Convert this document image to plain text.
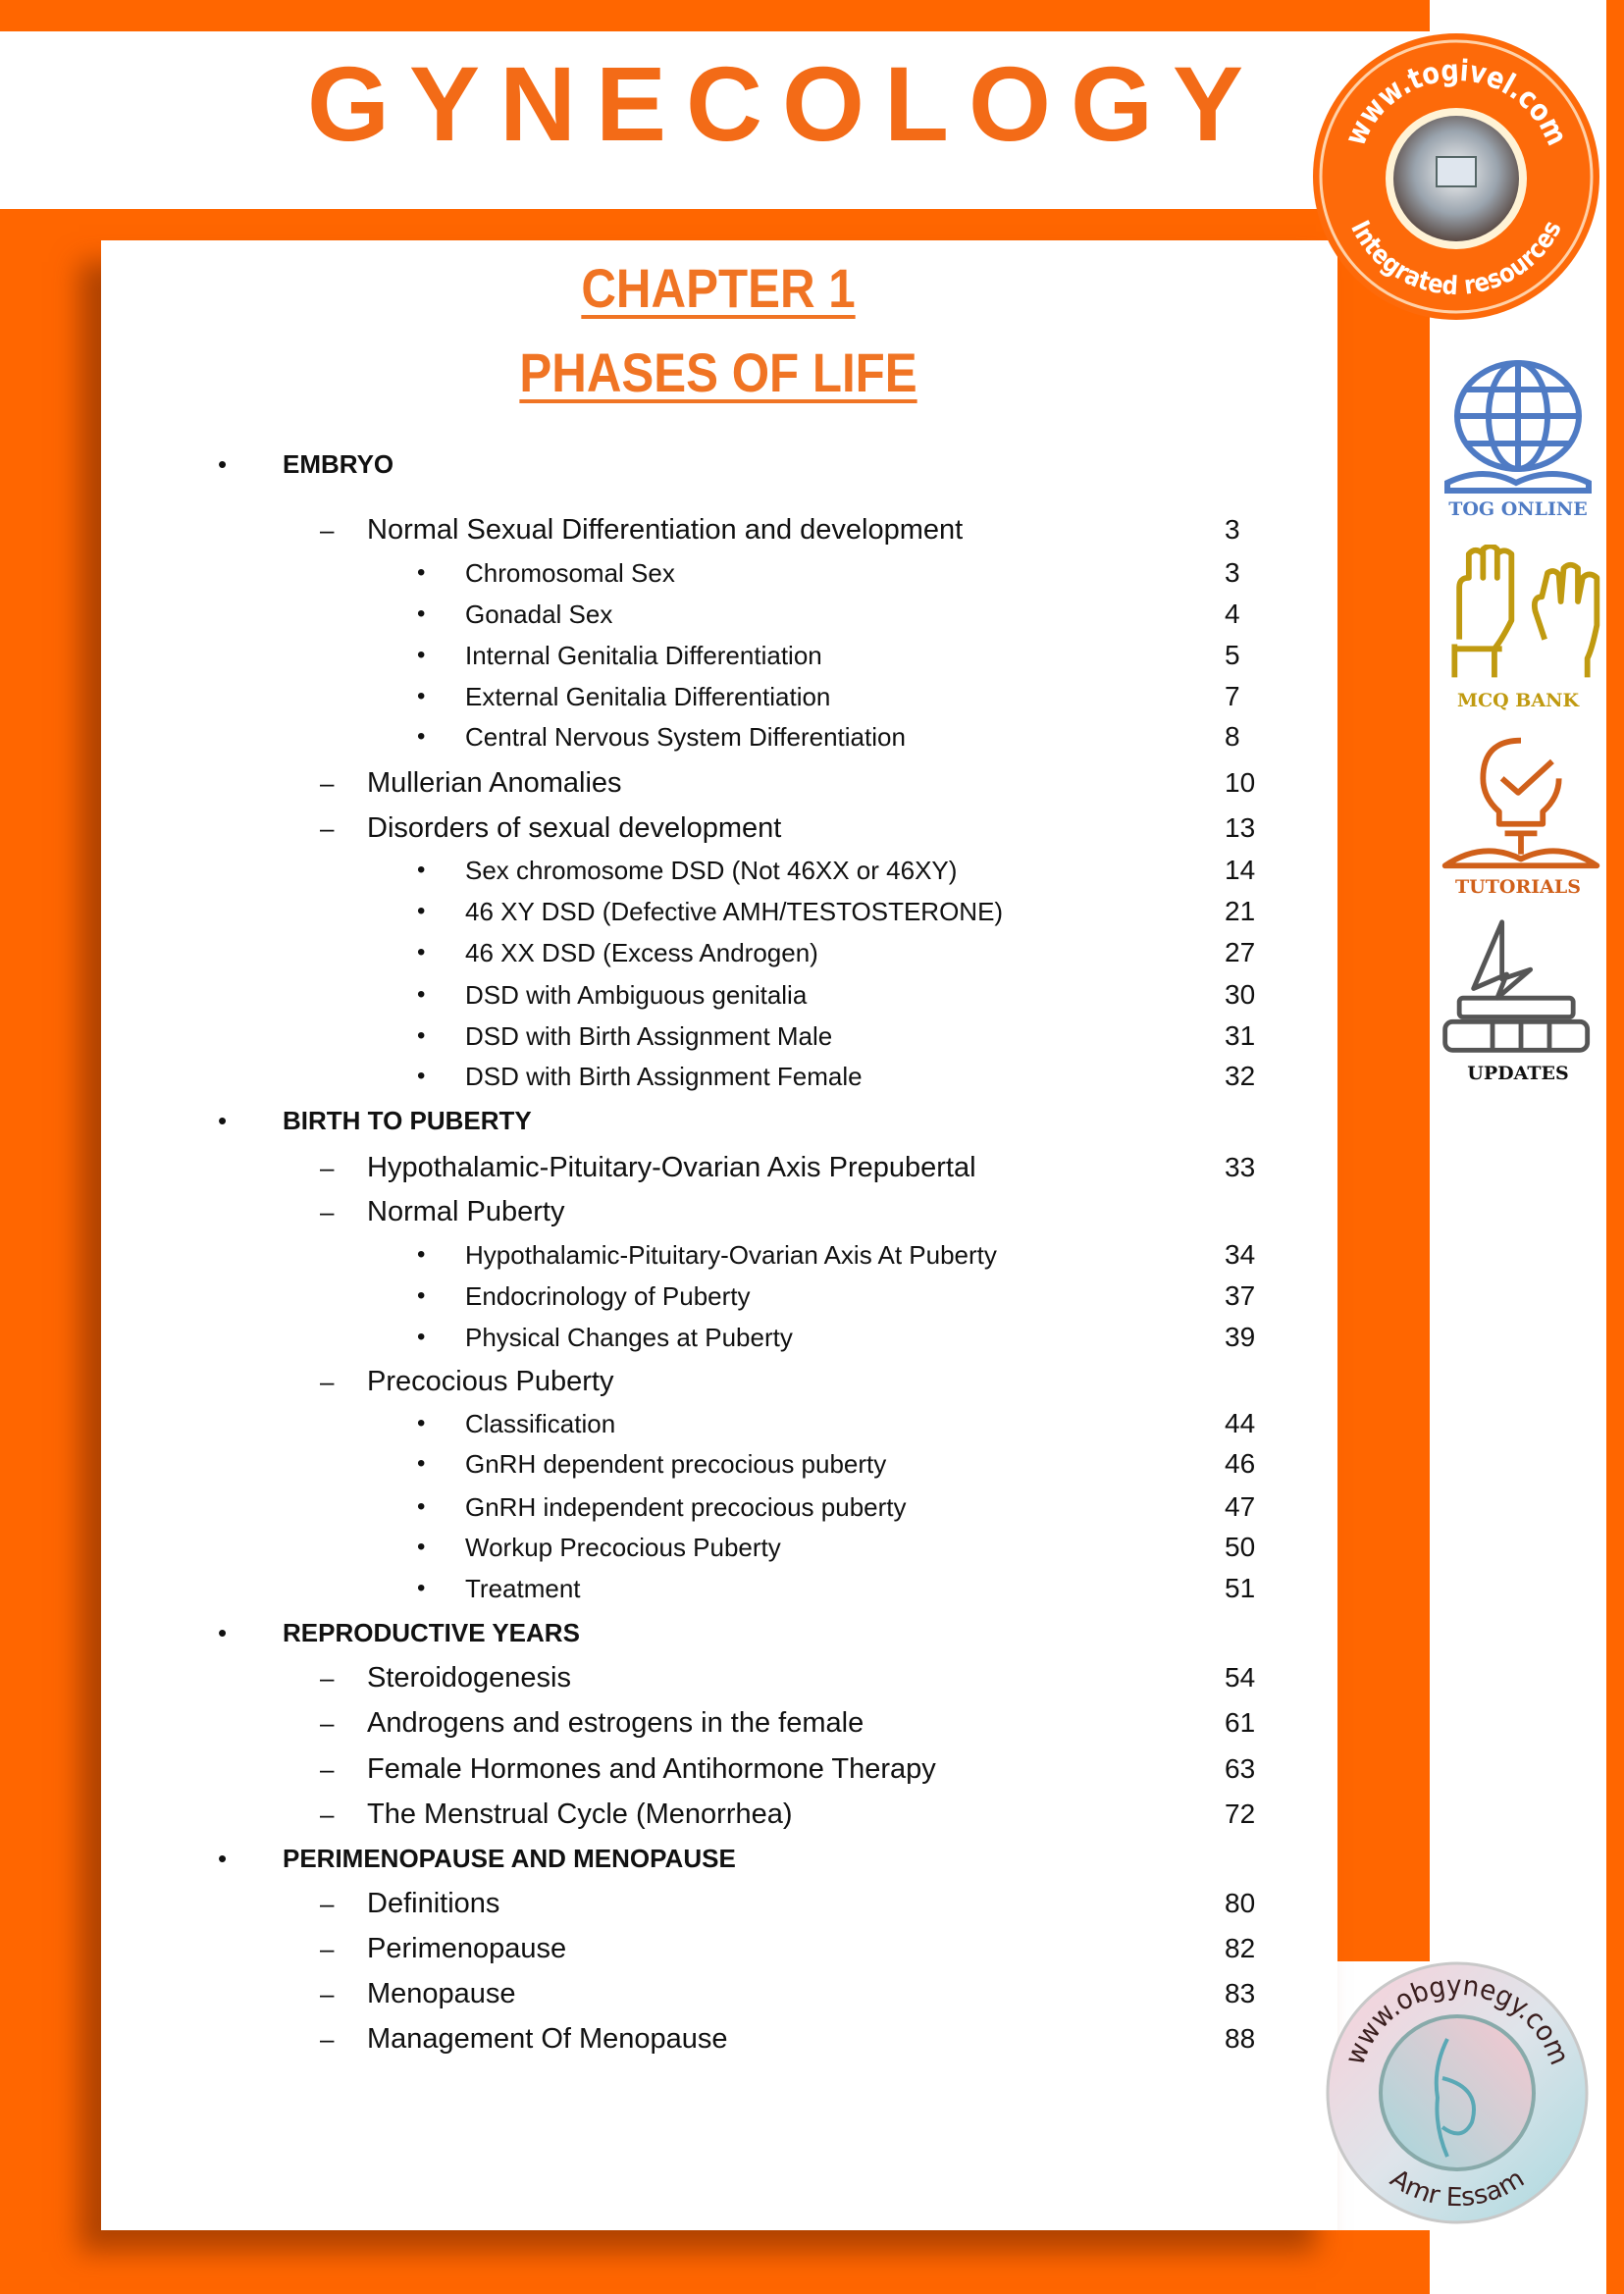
GYNECOLOGY
CHAPTER 1
PHASES OF LIFE
• EMBRYO
– Normal Sexual Differentiation and development	3
• Chromosomal Sex	3
• Gonadal Sex	4
• Internal Genitalia Differentiation	5
• External Genitalia Differentiation	7
• Central Nervous System Differentiation	8
– Mullerian Anomalies	10
– Disorders of sexual development	13
• Sex chromosome DSD (Not 46XX or 46XY)	14
• 46 XY DSD (Defective AMH/TESTOSTERONE)	21
• 46 XX DSD (Excess Androgen)	27
• DSD with Ambiguous genitalia	30
• DSD with Birth Assignment Male	31
• DSD with Birth Assignment Female	32
• BIRTH TO PUBERTY
– Hypothalamic-Pituitary-Ovarian Axis Prepubertal	33
– Normal Puberty
• Hypothalamic-Pituitary-Ovarian Axis At Puberty	34
• Endocrinology of Puberty	37
• Physical Changes at Puberty	39
– Precocious Puberty
• Classification	44
• GnRH dependent precocious puberty	46
• GnRH independent precocious puberty	47
• Workup Precocious Puberty	50
• Treatment	51
• REPRODUCTIVE YEARS
– Steroidogenesis	54
– Androgens and estrogens in the female	61
– Female Hormones and Antihormone Therapy	63
– The Menstrual Cycle (Menorrhea)	72
• PERIMENOPAUSE AND MENOPAUSE
– Definitions	80
– Perimenopause	82
– Menopause	83
– Management Of Menopause	88
www.togivel.com
Integrated resources
TOG ONLINE
MCQ BANK
TUTORIALS
UPDATES
www.obgynegy.com
Amr Essam
